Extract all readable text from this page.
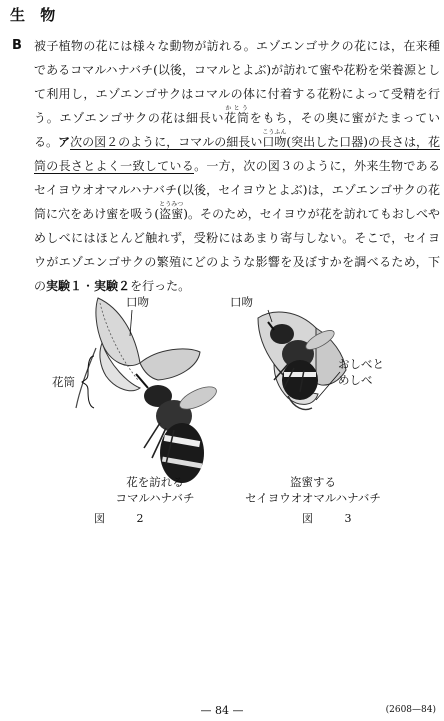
生 物
B 被子植物の花には様々な動物が訪れる。エゾエンゴサクの花には，在来種であるコマルハナバチ(以後，コマルとよぶ)が訪れて蜜や花粉を栄養源として利用し，エゾエンゴサクはコマルの体に付着する花粉によって受精を行う。エゾエンゴサクの花は細長い花筒かとうをもち，その奥に蜜がたまっている。ア次の図２のように，コマルの細長い口吻こうふん(突出した口器)の長さは，花筒の長さとよく一致している。一方，次の図３のように，外来生物であるセイヨウオオマルハナバチ(以後，セイヨウとよぶ)は，エゾエンゴサクの花筒に穴をあけ蜜を吸う(盗蜜とうみつ)。そのため，セイヨウが花を訪れてもおしべやめしべにはほとんど触れず，受粉にはあまり寄与しない。そこで，セイヨウがエゾエンゴサクの繁殖にどのような影響を及ぼすかを調べるため，下の実験１・実験２を行った。
口吻
花筒
花を訪れる
コマルハナバチ
図 2
口吻
おしべと
めしべ
盗蜜する
セイヨウオオマルハナバチ
図 3
— 84 —	(2608—84)
